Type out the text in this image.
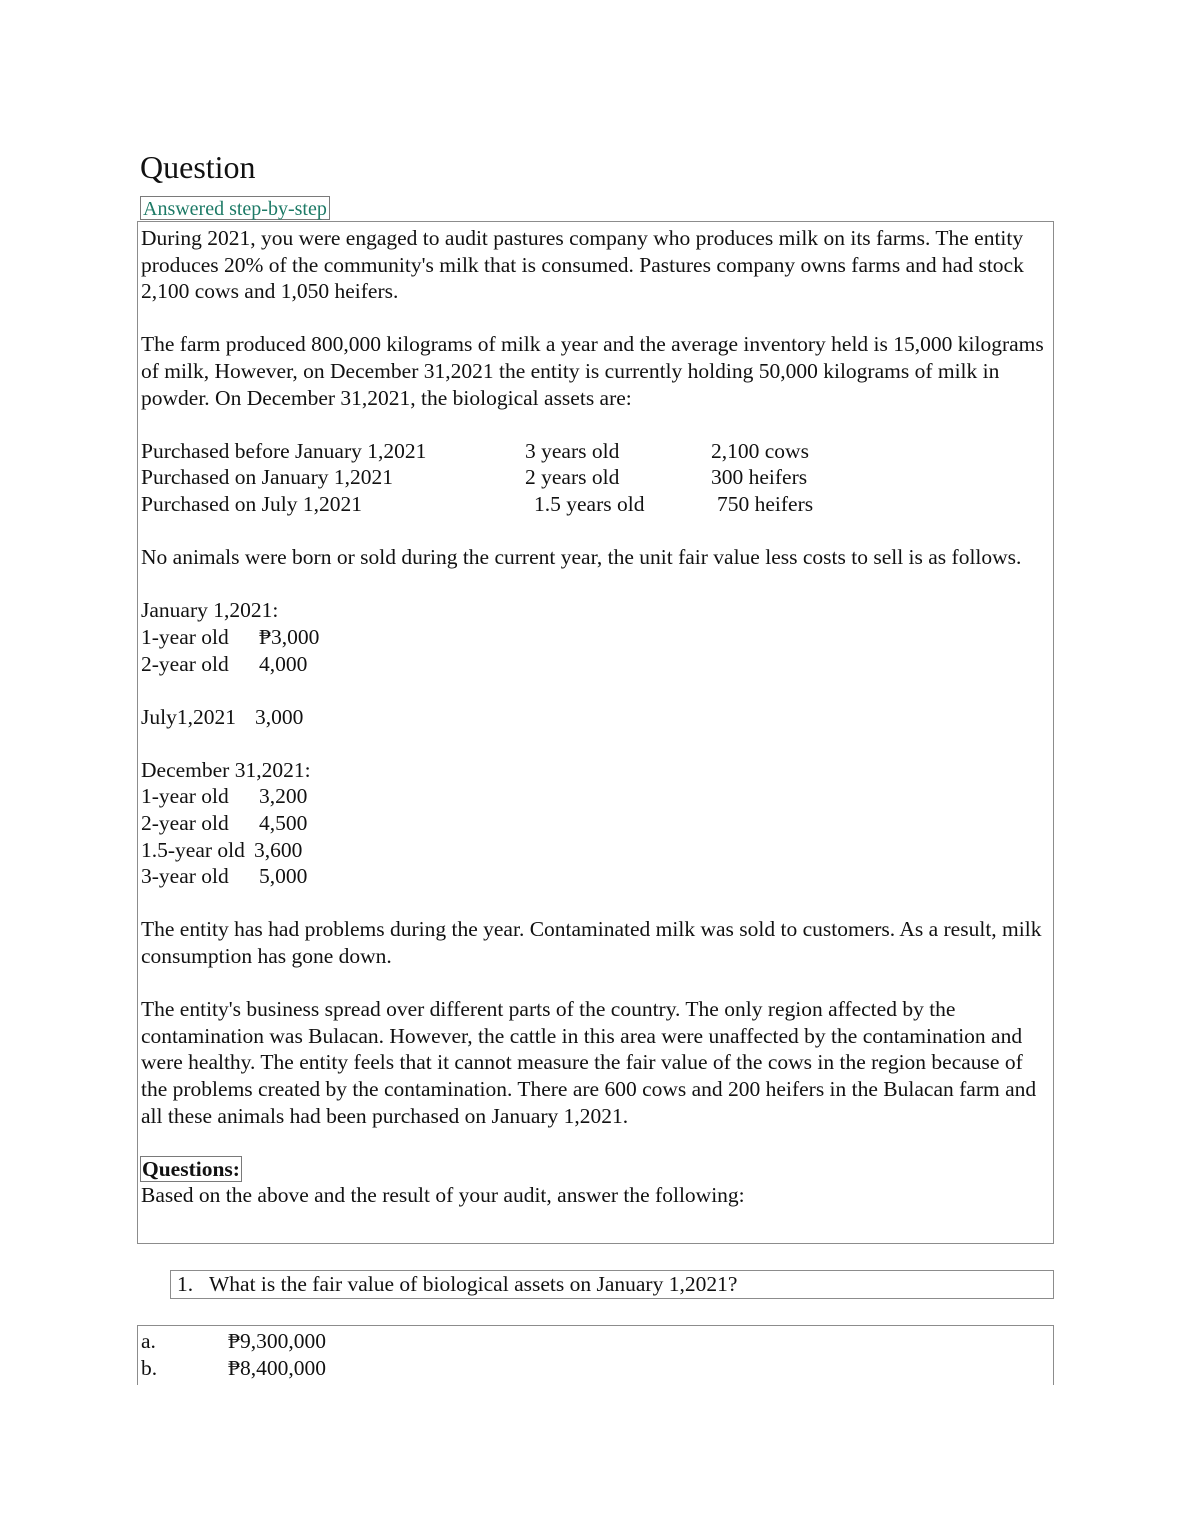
Question
Answered step-by-step

During 2021, you were engaged to audit pastures company who produces milk on its farms. The entity produces 20% of the community's milk that is consumed. Pastures company owns farms and had stock 2,100 cows and 1,050 heifers.

The farm produced 800,000 kilograms of milk a year and the average inventory held is 15,000 kilograms of milk, However, on December 31,2021 the entity is currently holding 50,000 kilograms of milk in powder. On December 31,2021, the biological assets are:

Purchased before January 1,2021	3 years old	2,100 cows
Purchased on January 1,2021	2 years old	300 heifers
Purchased on July 1,2021	1.5 years old	750 heifers

No animals were born or sold during the current year, the unit fair value less costs to sell is as follows.

January 1,2021:
1-year old	₱3,000
2-year old	4,000
July1,2021 3,000
December 31,2021:
1-year old	3,200
2-year old	4,500
1.5-year old 3,600
3-year old	5,000

The entity has had problems during the year. Contaminated milk was sold to customers. As a result, milk consumption has gone down.

The entity's business spread over different parts of the country. The only region affected by the contamination was Bulacan. However, the cattle in this area were unaffected by the contamination and were healthy. The entity feels that it cannot measure the fair value of the cows in the region because of the problems created by the contamination. There are 600 cows and 200 heifers in the Bulacan farm and all these animals had been purchased on January 1,2021.

Questions:
Based on the above and the result of your audit, answer the following:
1. What is the fair value of biological assets on January 1,2021?
a.	₱9,300,000
b.	₱8,400,000
